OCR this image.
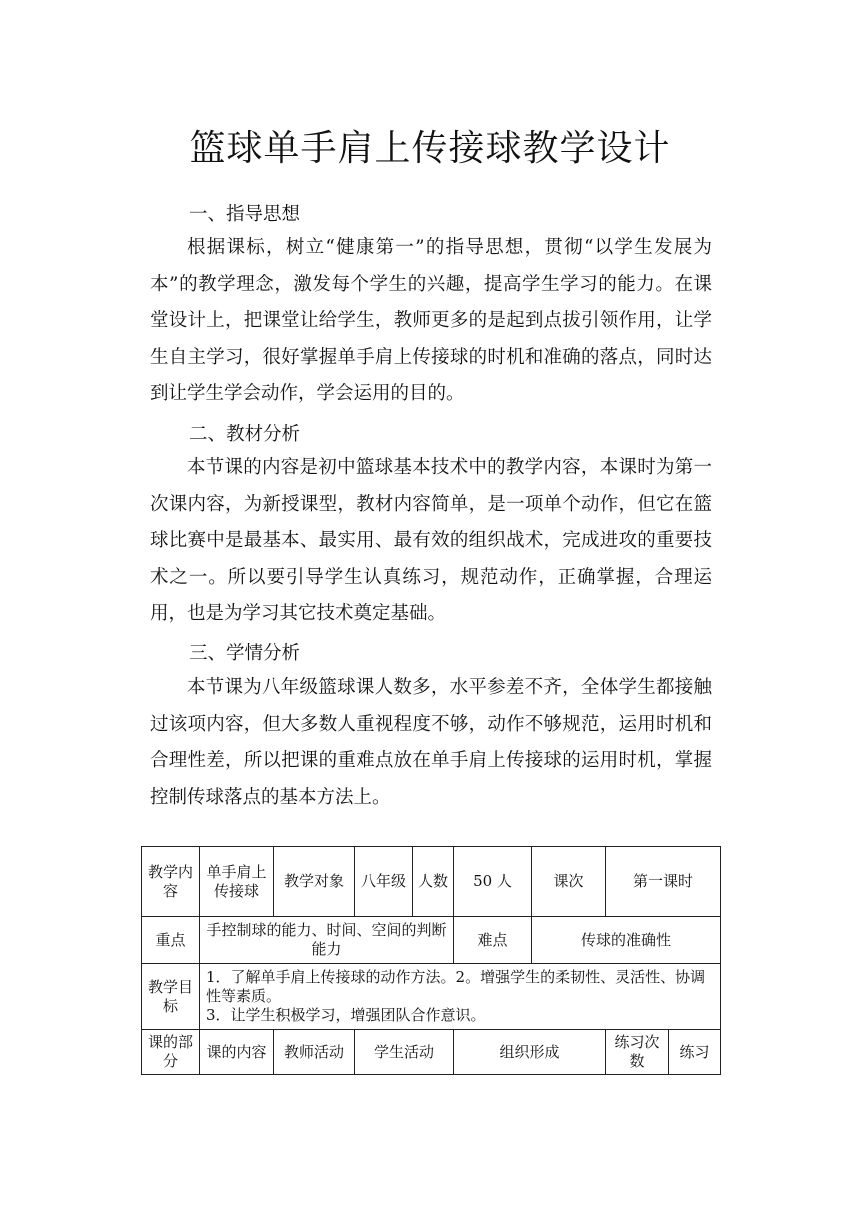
篮球单手肩上传接球教学设计
一、指导思想

根据课标，树立“健康第一”的指导思想，贯彻“以学生发展为本”的教学理念，激发每个学生的兴趣，提高学生学习的能力。在课堂设计上，把课堂让给学生，教师更多的是起到点拔引领作用，让学生自主学习，很好掌握单手肩上传接球的时机和准确的落点，同时达到让学生学会动作，学会运用的目的。

二、教材分析

本节课的内容是初中篮球基本技术中的教学内容，本课时为第一次课内容，为新授课型，教材内容简单，是一项单个动作，但它在篮球比赛中是最基本、最实用、最有效的组织战术，完成进攻的重要技术之一。所以要引导学生认真练习，规范动作，正确掌握，合理运用，也是为学习其它技术奠定基础。

三、学情分析

本节课为八年级篮球课人数多，水平参差不齐，全体学生都接触过该项内容，但大多数人重视程度不够，动作不够规范，运用时机和合理性差，所以把课的重难点放在单手肩上传接球的运用时机，掌握控制传球落点的基本方法上。

教学内容	单手肩上传接球	教学对象	八年级	人数	50 人	课次	第一课时	
重点	手控制球的能力、时间、空间的判断能力				难点	传球的准确性		
教学目标	1．了解单手肩上传接球的动作方法。2。增强学生的柔韧性、灵活性、协调性等素质。
3．让学生积极学习，增强团队合作意识。							

课的部分	课的内容	教师活动	学生活动		组织形成		练习次数	练习
